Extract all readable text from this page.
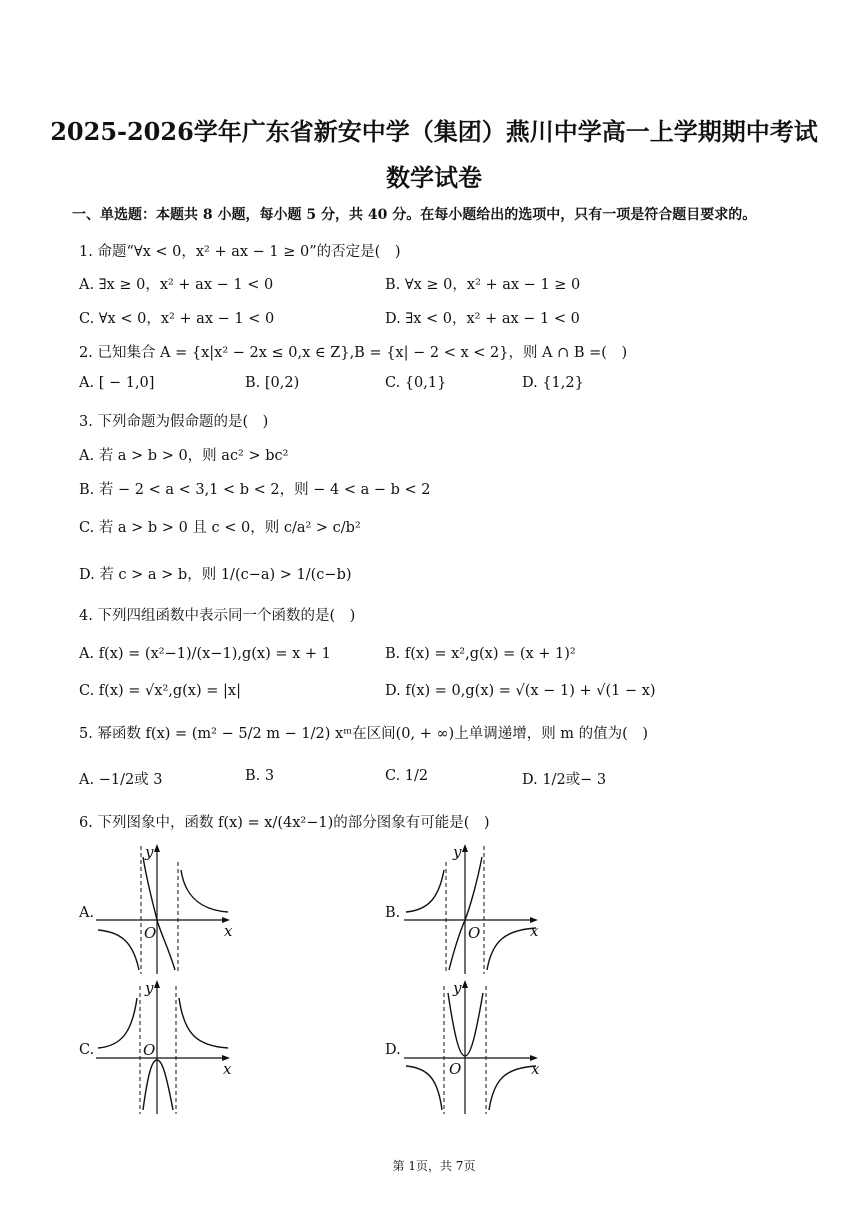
2025-2026学年广东省新安中学（集团）燕川中学高一上学期期中考试
数学试卷
一、单选题：本题共 8 小题，每小题 5 分，共 40 分。在每小题给出的选项中，只有一项是符合题目要求的。
1. 命题“∀x < 0，x² + ax − 1 ≥ 0”的否定是(　)
A. ∃x ≥ 0，x² + ax − 1 < 0	B. ∀x ≥ 0，x² + ax − 1 ≥ 0
C. ∀x < 0，x² + ax − 1 < 0	D. ∃x < 0，x² + ax − 1 < 0
2. 已知集合 A = {x|x² − 2x ≤ 0,x ∈ Z},B = {x| − 2 < x < 2}，则 A ∩ B =(　)
A. [ − 1,0]	B. [0,2)	C. {0,1}	D. {1,2}
3. 下列命题为假命题的是(　)
A. 若 a > b > 0，则 ac² > bc²
B. 若 − 2 < a < 3,1 < b < 2，则 − 4 < a − b < 2
C. 若 a > b > 0 且 c < 0，则 c/a² > c/b²
D. 若 c > a > b，则 1/(c−a) > 1/(c−b)
4. 下列四组函数中表示同一个函数的是(　)
A. f(x) = (x²−1)/(x−1),g(x) = x + 1	B. f(x) = x²,g(x) = (x + 1)²
C. f(x) = √x²,g(x) = |x|	D. f(x) = 0,g(x) = √(x − 1) + √(1 − x)
5. 幂函数 f(x) = (m² − 5/2 m − 1/2) xᵐ在区间(0, + ∞)上单调递增，则 m 的值为(　)
A. −1/2或 3	B. 3	C. 1/2	D. 1/2或− 3
6. 下列图象中，函数 f(x) = x/(4x²−1)的部分图象有可能是(　)
A.	B.
C.	D.
O	x
y
O	x
y
O
x
y
O	x
y
第 1页，共 7页
